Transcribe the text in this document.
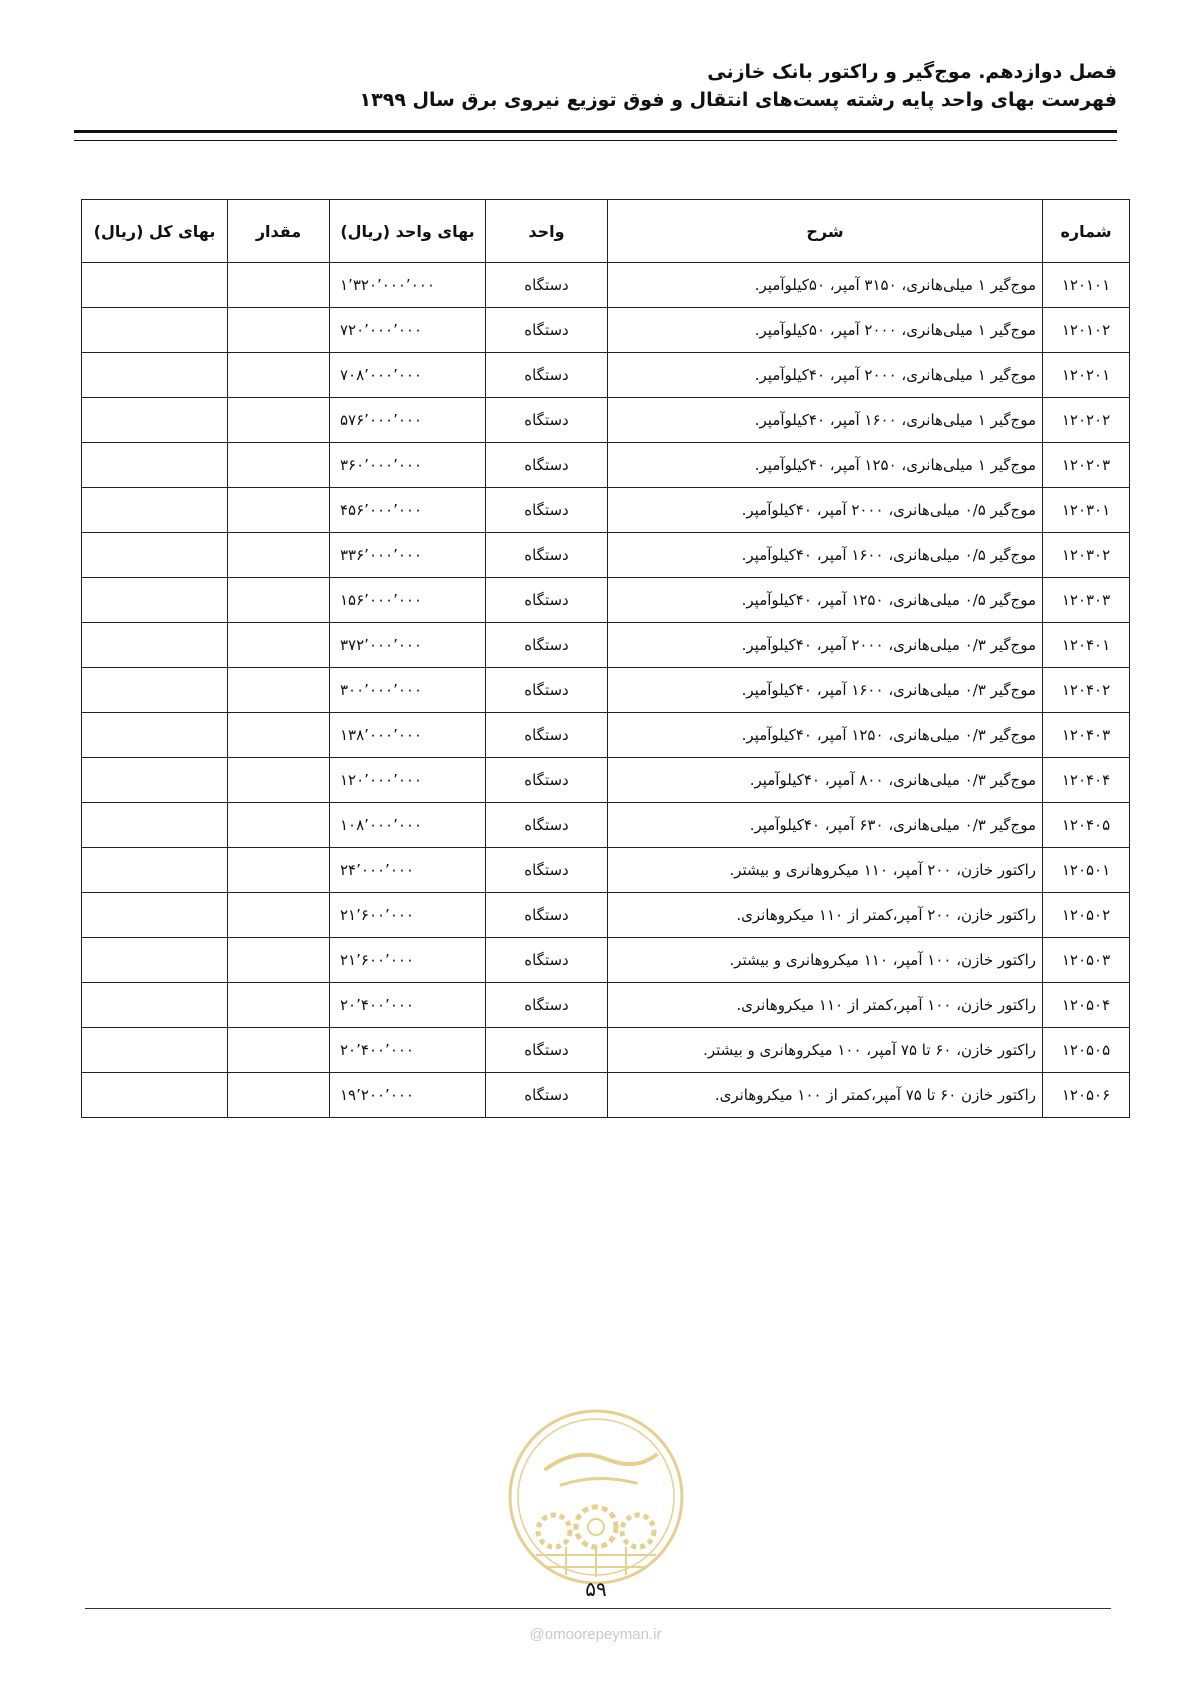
فصل دوازدهم. موج‌گیر و راکتور بانک خازنی
فهرست بهای واحد پایه رشته پست‌های انتقال و فوق توزیع نیروی برق سال ۱۳۹۹
شماره	شرح	واحد	بهای واحد (ریال)	مقدار	بهای کل (ریال)
۱۲۰۱۰۱	موج‌گیر ۱ میلی‌هانری، ۳۱۵۰ آمپر، ۵۰کیلوآمپر.	دستگاه	۱٬۳۲۰٬۰۰۰٬۰۰۰		
۱۲۰۱۰۲	موج‌گیر ۱ میلی‌هانری، ۲۰۰۰ آمپر، ۵۰کیلوآمپر.	دستگاه	۷۲۰٬۰۰۰٬۰۰۰		
۱۲۰۲۰۱	موج‌گیر ۱ میلی‌هانری، ۲۰۰۰ آمپر، ۴۰کیلوآمپر.	دستگاه	۷۰۸٬۰۰۰٬۰۰۰		
۱۲۰۲۰۲	موج‌گیر ۱ میلی‌هانری، ۱۶۰۰ آمپر، ۴۰کیلوآمپر.	دستگاه	۵۷۶٬۰۰۰٬۰۰۰		
۱۲۰۲۰۳	موج‌گیر ۱ میلی‌هانری، ۱۲۵۰ آمپر، ۴۰کیلوآمپر.	دستگاه	۳۶۰٬۰۰۰٬۰۰۰		
۱۲۰۳۰۱	موج‌گیر ۰/۵ میلی‌هانری، ۲۰۰۰ آمپر، ۴۰کیلوآمپر.	دستگاه	۴۵۶٬۰۰۰٬۰۰۰		
۱۲۰۳۰۲	موج‌گیر ۰/۵ میلی‌هانری، ۱۶۰۰ آمپر، ۴۰کیلوآمپر.	دستگاه	۳۳۶٬۰۰۰٬۰۰۰		
۱۲۰۳۰۳	موج‌گیر ۰/۵ میلی‌هانری، ۱۲۵۰ آمپر، ۴۰کیلوآمپر.	دستگاه	۱۵۶٬۰۰۰٬۰۰۰		
۱۲۰۴۰۱	موج‌گیر ۰/۳ میلی‌هانری، ۲۰۰۰ آمپر، ۴۰کیلوآمپر.	دستگاه	۳۷۲٬۰۰۰٬۰۰۰		
۱۲۰۴۰۲	موج‌گیر ۰/۳ میلی‌هانری، ۱۶۰۰ آمپر، ۴۰کیلوآمپر.	دستگاه	۳۰۰٬۰۰۰٬۰۰۰		
۱۲۰۴۰۳	موج‌گیر ۰/۳ میلی‌هانری، ۱۲۵۰ آمپر، ۴۰کیلوآمپر.	دستگاه	۱۳۸٬۰۰۰٬۰۰۰		
۱۲۰۴۰۴	موج‌گیر ۰/۳ میلی‌هانری، ۸۰۰ آمپر، ۴۰کیلوآمپر.	دستگاه	۱۲۰٬۰۰۰٬۰۰۰		
۱۲۰۴۰۵	موج‌گیر ۰/۳ میلی‌هانری، ۶۳۰ آمپر، ۴۰کیلوآمپر.	دستگاه	۱۰۸٬۰۰۰٬۰۰۰		
۱۲۰۵۰۱	راکتور خازن، ۲۰۰ آمپر، ۱۱۰ میکروهانری و بیشتر.	دستگاه	۲۴٬۰۰۰٬۰۰۰		
۱۲۰۵۰۲	راکتور خازن، ۲۰۰ آمپر،کمتر از ۱۱۰ میکروهانری.	دستگاه	۲۱٬۶۰۰٬۰۰۰		
۱۲۰۵۰۳	راکتور خازن، ۱۰۰ آمپر، ۱۱۰ میکروهانری و بیشتر.	دستگاه	۲۱٬۶۰۰٬۰۰۰		
۱۲۰۵۰۴	راکتور خازن، ۱۰۰ آمپر،کمتر از ۱۱۰ میکروهانری.	دستگاه	۲۰٬۴۰۰٬۰۰۰		
۱۲۰۵۰۵	راکتور خازن، ۶۰ تا ۷۵ آمپر، ۱۰۰ میکروهانری و بیشتر.	دستگاه	۲۰٬۴۰۰٬۰۰۰		
۱۲۰۵۰۶	راکتور خازن ۶۰ تا ۷۵ آمپر،کمتر از ۱۰۰ میکروهانری.	دستگاه	۱۹٬۲۰۰٬۰۰۰		
۵۹
@omoorepeyman.ir
